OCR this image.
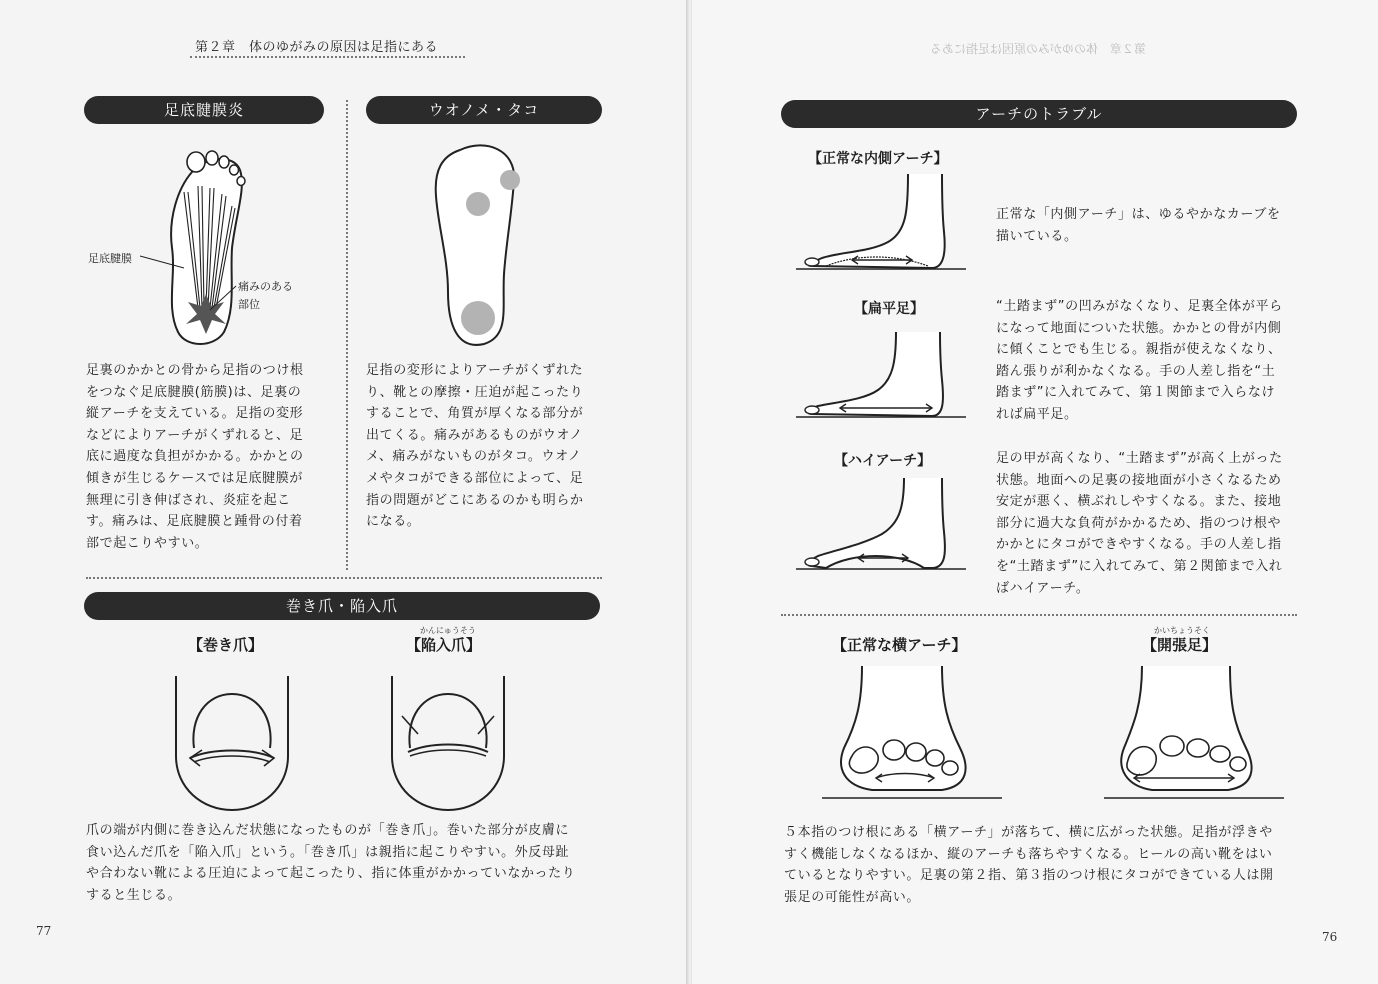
第２章　体のゆがみの原因は足指にある
足底腱膜炎
足底腱膜
痛みのある
部位

足裏のかかとの骨から足指のつけ根
をつなぐ足底腱膜(筋膜)は、足裏の
縦アーチを支えている。足指の変形
などによりアーチがくずれると、足
底に過度な負担がかかる。かかとの
傾きが生じるケースでは足底腱膜が
無理に引き伸ばされ、炎症を起こ
す。痛みは、足底腱膜と踵骨の付着
部で起こりやすい。

ウオノメ・タコ

足指の変形によりアーチがくずれた
り、靴との摩擦・圧迫が起こったり
することで、角質が厚くなる部分が
出てくる。痛みがあるものがウオノ
メ、痛みがないものがタコ。ウオノ
メやタコができる部位によって、足
指の問題がどこにあるのかも明らか
になる。

巻き爪・陥入爪
【巻き爪】
かんにゅうそう
【陥入爪】

爪の端が内側に巻き込んだ状態になったものが「巻き爪」。巻いた部分が皮膚に
食い込んだ爪を「陥入爪」という。「巻き爪」は親指に起こりやすい。外反母趾
や合わない靴による圧迫によって起こったり、指に体重がかかっていなかったり
すると生じる。

77
第２章　体のゆがみの原因は足指にある
アーチのトラブル
【正常な内側アーチ】

正常な「内側アーチ」は、ゆるやかなカーブを
描いている。

【扁平足】	“土踏まず”の凹みがなくなり、足裏全体が平ら
になって地面についた状態。かかとの骨が内側
に傾くことでも生じる。親指が使えなくなり、
踏ん張りが利かなくなる。手の人差し指を“土
踏まず”に入れてみて、第１関節まで入らなけ
れば扁平足。

【ハイアーチ】	足の甲が高くなり、“土踏まず”が高く上がった
状態。地面への足裏の接地面が小さくなるため
安定が悪く、横ぶれしやすくなる。また、接地
部分に過大な負荷がかかるため、指のつけ根や
かかとにタコができやすくなる。手の人差し指
を“土踏まず”に入れてみて、第２関節まで入れ
ばハイアーチ。

【正常な横アーチ】
かいちょうそく
【開張足】

５本指のつけ根にある「横アーチ」が落ちて、横に広がった状態。足指が浮きや
すく機能しなくなるほか、縦のアーチも落ちやすくなる。ヒールの高い靴をはい
ているとなりやすい。足裏の第２指、第３指のつけ根にタコができている人は開
張足の可能性が高い。

76
